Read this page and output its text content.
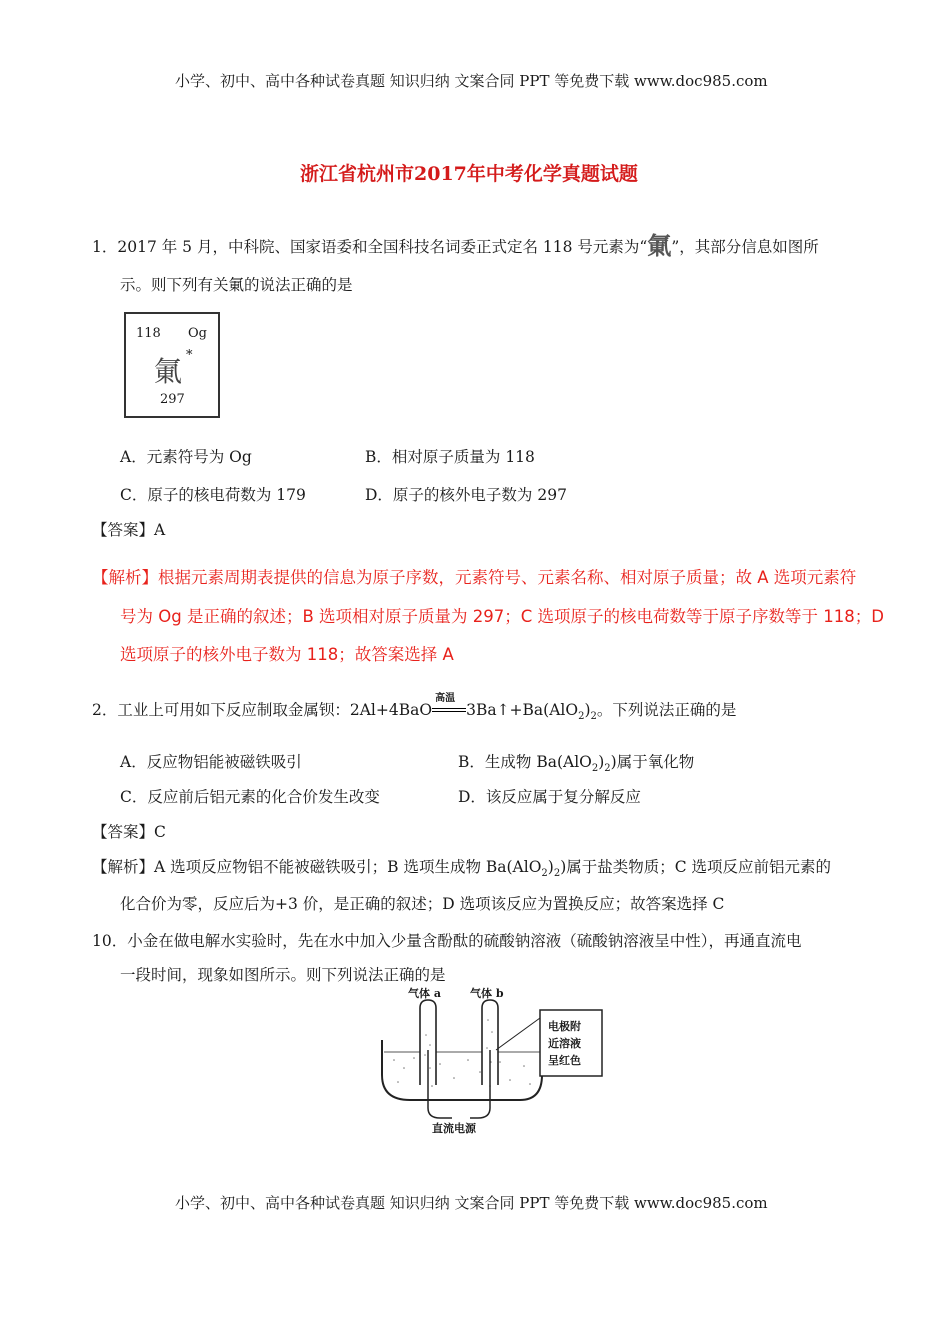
小学、初中、高中各种试卷真题 知识归纳 文案合同 PPT 等免费下载 www.doc985.com
浙江省杭州市2017年中考化学真题试题
1．2017 年 5 月，中科院、国家语委和全国科技名词委正式定名 118 号元素为“氭”，其部分信息如图所
示。则下列有关氭的说法正确的是
118 Og
氭 *
297
A．元素符号为 Og	B．相对原子质量为 118
C．原子的核电荷数为 179	D．原子的核外电子数为 297
【答案】A
【解析】根据元素周期表提供的信息为原子序数，元素符号、元素名称、相对原子质量；故 A 选项元素符
号为 Og 是正确的叙述；B 选项相对原子质量为 297；C 选项原子的核电荷数等于原子序数等于 118；D
选项原子的核外电子数为 118；故答案选择 A
2．工业上可用如下反应制取金属钡：2Al+4BaO
高温
$3Ba↑+Ba(AlO_2)_2$。下列说法正确的是
A．反应物铝能被磁铁吸引	B．生成物 $Ba(AlO_2)_2$)属于氧化物
C．反应前后铝元素的化合价发生改变	D．该反应属于复分解反应
【答案】C
【解析】A 选项反应物铝不能被磁铁吸引；B 选项生成物 $Ba(AlO_2)_2$)属于盐类物质；C 选项反应前铝元素的
化合价为零，反应后为+3 价，是正确的叙述；D 选项该反应为置换反应；故答案选择 C
10．小金在做电解水实验时，先在水中加入少量含酚酞的硫酸钠溶液（硫酸钠溶液呈中性），再通直流电
一段时间，现象如图所示。则下列说法正确的是
气体 a	气体 b
电极附
近溶液
呈红色
直流电源
小学、初中、高中各种试卷真题 知识归纳 文案合同 PPT 等免费下载 www.doc985.com
